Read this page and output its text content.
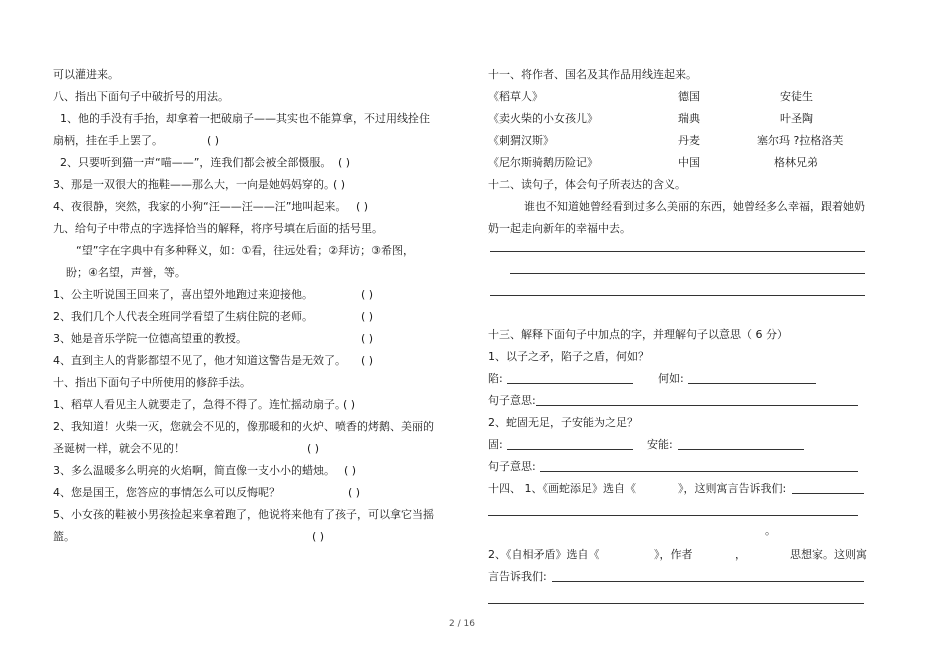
可以灌进来。
八、指出下面句子中破折号的用法。
1、他的手没有手抬，却拿着一把破扇子——其实也不能算拿，不过用线拴住
扇柄，挂在手上罢了。	( )
2、只要听到猫一声“喵——”，连我们都会被全部慑服。 ( )
3、那是一双很大的拖鞋——那么大，一向是她妈妈穿的。
( )
4、夜很静，突然，我家的小狗“汪——汪——汪”地叫起来。 ( )
九、给句子中带点的字选择恰当的解释，将序号填在后面的括号里。
“望”字在字典中有多种释义，如：①看，往远处看；②拜访；③希图，
盼；④名望，声誉，等。
1、公主听说国王回来了，喜出望外地跑过来迎接他。	( )
2、我们几个人代表全班同学看望了生病住院的老师。	( )
3、她是音乐学院一位德高望重的教授。	( )
4、直到主人的背影都望不见了，他才知道这警告是无效了。 ( )
十、指出下面句子中所使用的修辞手法。
1、稻草人看见主人就要走了，急得不得了。连忙摇动扇子。
( )
2、我知道！火柴一灭，您就会不见的，像那暖和的火炉、喷香的烤鹅、美丽的
圣诞树一样，就会不见的！	( )
3、多么温暖多么明亮的火焰啊，简直像一支小小的蜡烛。 ( )
4、您是国王，您答应的事情怎么可以反悔呢？	( )
5、小女孩的鞋被小男孩捡起来拿着跑了，他说将来他有了孩子，可以拿它当摇
篮。	( )
十一、将作者、国名及其作品用线连起来。
《稻草人》	德国	安徒生
《卖火柴的小女孩儿》	瑞典	叶圣陶
《刺猬汉斯》	丹麦	塞尔玛 ?拉格洛芙
《尼尔斯骑鹅历险记》	中国	格林兄弟
十二、读句子，体会句子所表达的含义。
谁也不知道她曾经看到过多么美丽的东西，她曾经多么幸福，跟着她奶
奶一起走向新年的幸福中去。
十三、解释下面句子中加点的字，并理解句子以意思（ 6 分）
1、以子之矛，陷子之盾，何如？
陷:	何如:
句子意思:
2、蛇固无足，子安能为之足？
固:	安能:
句子意思:
十四、 1、《画蛇添足》选自《	》，这则寓言告诉我们:
。
2、《自相矛盾》选自《	》，作者	，	思想家。这则寓
言告诉我们:
2 / 16
